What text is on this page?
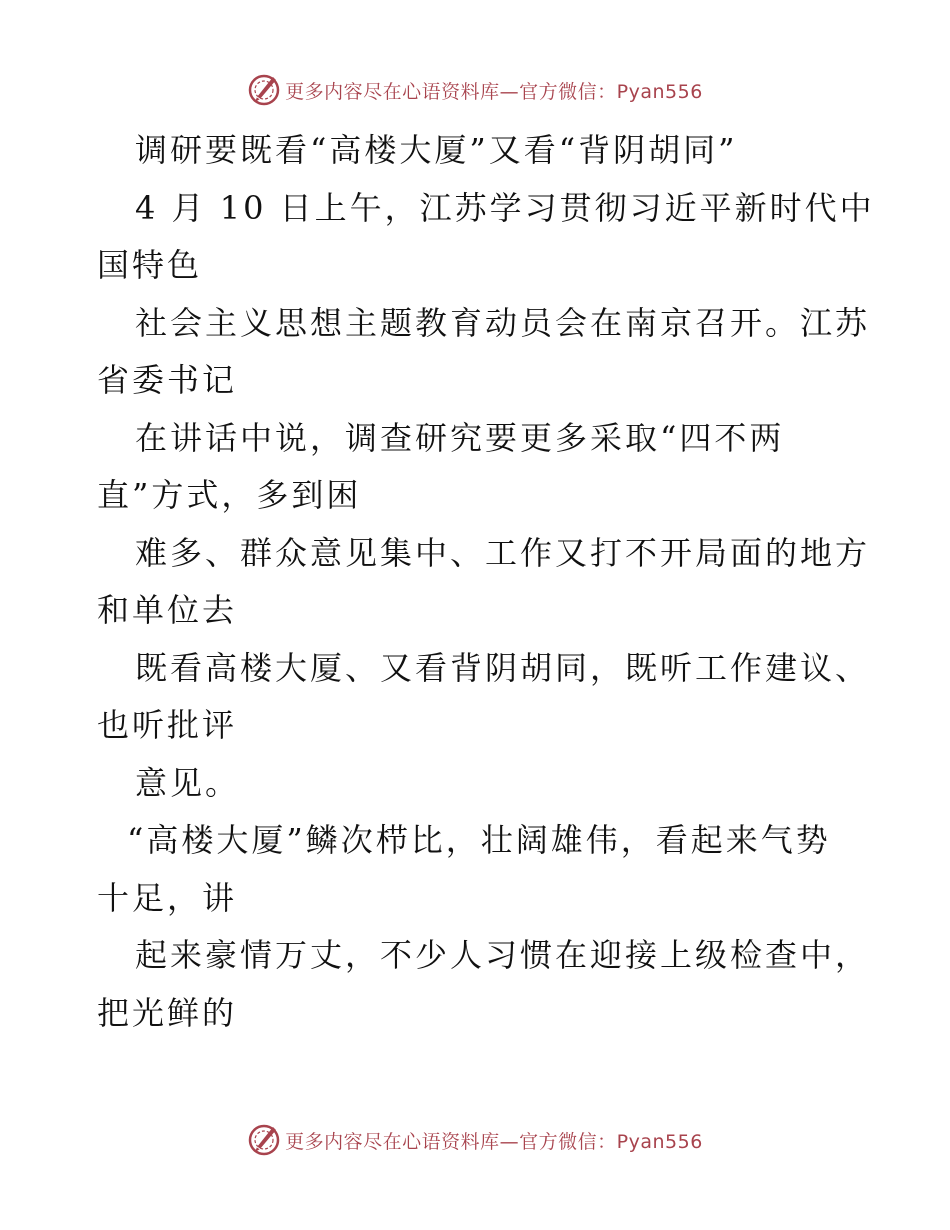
更多内容尽在心语资料库—官方微信：Pyan556
调研要既看“高楼大厦”又看“背阴胡同”
4 月 10 日上午，江苏学习贯彻习近平新时代中
国特色
社会主义思想主题教育动员会在南京召开。江苏
省委书记
在讲话中说，调查研究要更多采取“四不两
直”方式，多到困
难多、群众意见集中、工作又打不开局面的地方
和单位去
既看高楼大厦、又看背阴胡同，既听工作建议、
也听批评
意见。
“高楼大厦”鳞次栉比，壮阔雄伟，看起来气势
十足，讲
起来豪情万丈，不少人习惯在迎接上级检查中，
把光鲜的
更多内容尽在心语资料库—官方微信：Pyan556
